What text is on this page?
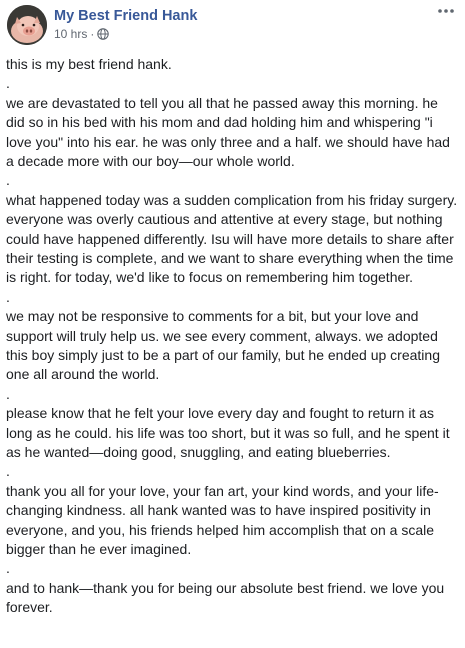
My Best Friend Hank
10 hrs ·

this is my best friend hank.

.

we are devastated to tell you all that he passed away this morning. he did so in his bed with his mom and dad holding him and whispering "i love you" into his ear. he was only three and a half. we should have had a decade more with our boy—our whole world.

.

what happened today was a sudden complication from his friday surgery. everyone was overly cautious and attentive at every stage, but nothing could have happened differently. Isu will have more details to share after their testing is complete, and we want to share everything when the time is right. for today, we'd like to focus on remembering him together.

.

we may not be responsive to comments for a bit, but your love and support will truly help us. we see every comment, always. we adopted this boy simply just to be a part of our family, but he ended up creating one all around the world.

.

please know that he felt your love every day and fought to return it as long as he could. his life was too short, but it was so full, and he spent it as he wanted—doing good, snuggling, and eating blueberries.

.

thank you all for your love, your fan art, your kind words, and your life-changing kindness. all hank wanted was to have inspired positivity in everyone, and you, his friends helped him accomplish that on a scale bigger than he ever imagined.

.

and to hank—thank you for being our absolute best friend. we love you forever.
